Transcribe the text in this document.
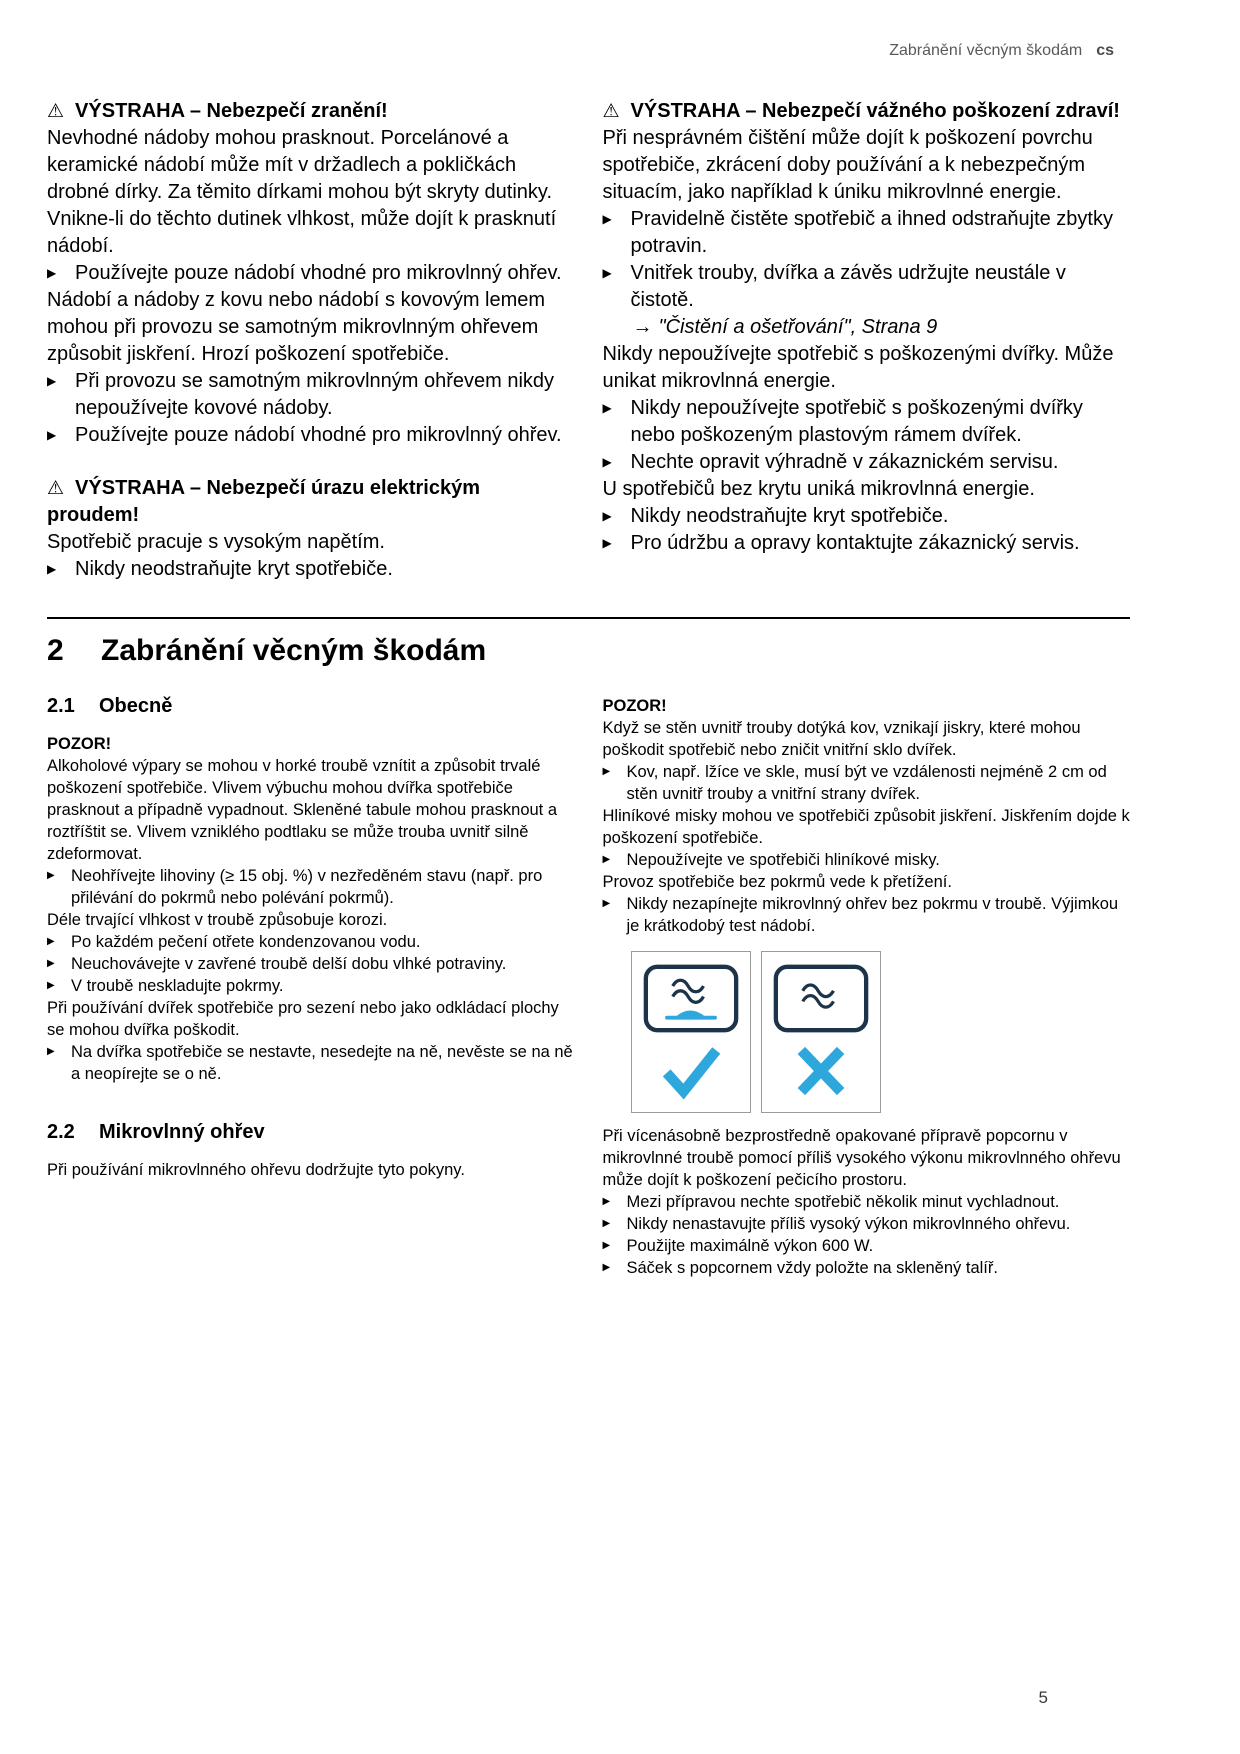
Zabránění věcným škodám cs

⚠ VÝSTRAHA – Nebezpečí zranění!

Nevhodné nádoby mohou prasknout. Porcelánové a keramické nádobí může mít v držadlech a pokličkách drobné dírky. Za těmito dírkami mohou být skryty dutinky. Vnikne-li do těchto dutinek vlhkost, může dojít k prasknutí nádobí.

▶ Používejte pouze nádobí vhodné pro mikrovlnný ohřev.

Nádobí a nádoby z kovu nebo nádobí s kovovým lemem mohou při provozu se samotným mikrovlnným ohřevem způsobit jiskření. Hrozí poškození spotřebiče.

▶ Při provozu se samotným mikrovlnným ohřevem nikdy nepoužívejte kovové nádoby.
▶ Používejte pouze nádobí vhodné pro mikrovlnný ohřev.

⚠ VÝSTRAHA – Nebezpečí úrazu elektrickým proudem!

Spotřebič pracuje s vysokým napětím.

▶ Nikdy neodstraňujte kryt spotřebiče.

⚠ VÝSTRAHA – Nebezpečí vážného poškození zdraví!

Při nesprávném čištění může dojít k poškození povrchu spotřebiče, zkrácení doby používání a k nebezpečným situacím, jako například k úniku mikrovlnné energie.

▶ Pravidelně čistěte spotřebič a ihned odstraňujte zbytky potravin.
▶ Vnitřek trouby, dvířka a závěs udržujte neustále v čistotě.
→ "Čistění a ošetřování", Strana 9

Nikdy nepoužívejte spotřebič s poškozenými dvířky. Může unikat mikrovlnná energie.

▶ Nikdy nepoužívejte spotřebič s poškozenými dvířky nebo poškozeným plastovým rámem dvířek.
▶ Nechte opravit výhradně v zákaznickém servisu.

U spotřebičů bez krytu uniká mikrovlnná energie.

▶ Nikdy neodstraňujte kryt spotřebiče.
▶ Pro údržbu a opravy kontaktujte zákaznický servis.
2	Zabránění věcným škodám
2.1	Obecně

POZOR!

Alkoholové výpary se mohou v horké troubě vznítit a způsobit trvalé poškození spotřebiče. Vlivem výbuchu mohou dvířka spotřebiče prasknout a případně vypadnout. Skleněné tabule mohou prasknout a roztříštit se. Vlivem vzniklého podtlaku se může trouba uvnitř silně zdeformovat.

▶ Neohřívejte lihoviny (≥ 15 obj. %) v nezředěném stavu (např. pro přilévání do pokrmů nebo polévání pokrmů).

Déle trvající vlhkost v troubě způsobuje korozi.

▶ Po každém pečení otřete kondenzovanou vodu.
▶ Neuchovávejte v zavřené troubě delší dobu vlhké potraviny.
▶ V troubě neskladujte pokrmy.

Při používání dvířek spotřebiče pro sezení nebo jako odkládací plochy se mohou dvířka poškodit.

▶ Na dvířka spotřebiče se nestavte, nesedejte na ně, nevěste se na ně a neopírejte se o ně.
2.2	Mikrovlnný ohřev

Při používání mikrovlnného ohřevu dodržujte tyto pokyny.

POZOR!

Když se stěn uvnitř trouby dotýká kov, vznikají jiskry, které mohou poškodit spotřebič nebo zničit vnitřní sklo dvířek.

▶ Kov, např. lžíce ve skle, musí být ve vzdálenosti nejméně 2 cm od stěn uvnitř trouby a vnitřní strany dvířek.

Hliníkové misky mohou ve spotřebiči způsobit jiskření. Jiskřením dojde k poškození spotřebiče.

▶ Nepoužívejte ve spotřebiči hliníkové misky.

Provoz spotřebiče bez pokrmů vede k přetížení.

▶ Nikdy nezapínejte mikrovlnný ohřev bez pokrmu v troubě. Výjimkou je krátkodobý test nádobí.

Při vícenásobně bezprostředně opakované přípravě popcornu v mikrovlnné troubě pomocí příliš vysokého výkonu mikrovlnného ohřevu může dojít k poškození pečicího prostoru.

▶ Mezi přípravou nechte spotřebič několik minut vychladnout.
▶ Nikdy nenastavujte příliš vysoký výkon mikrovlnného ohřevu.
▶ Použijte maximálně výkon 600 W.
▶ Sáček s popcornem vždy položte na skleněný talíř.
5
